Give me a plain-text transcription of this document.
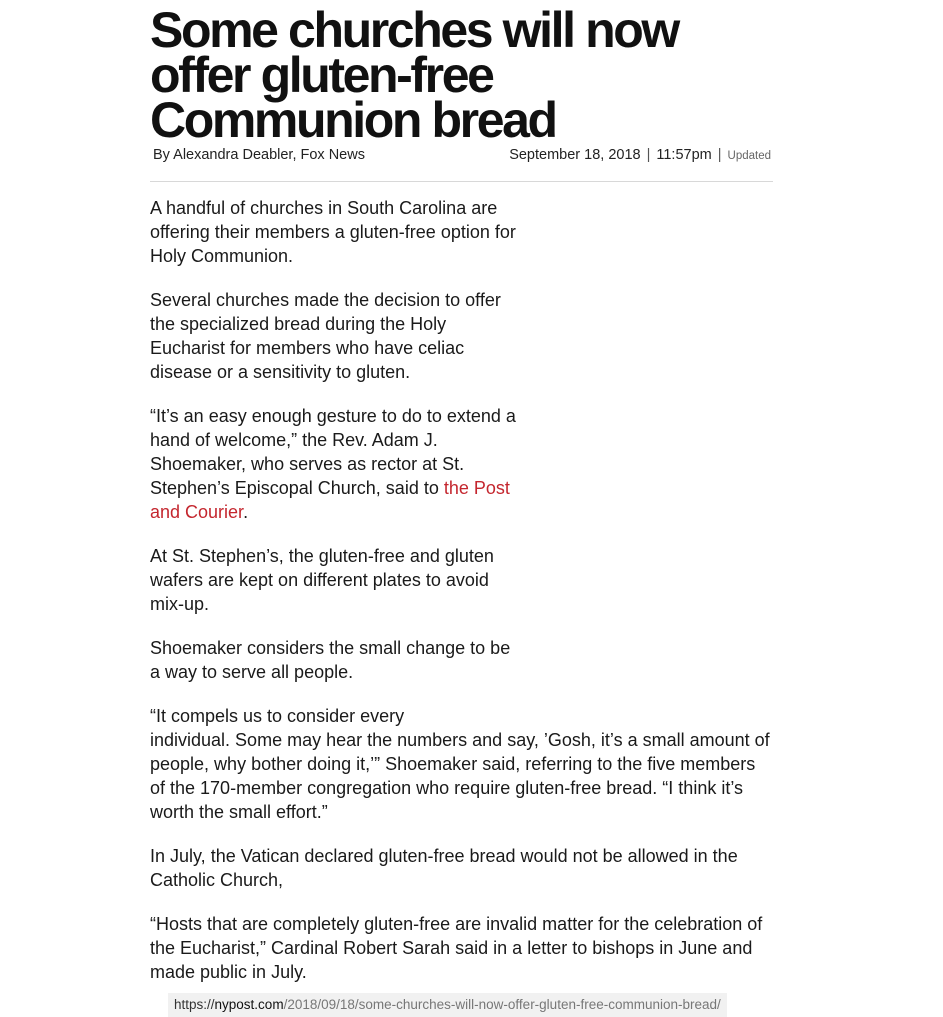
Some churches will now offer gluten-free Communion bread
By Alexandra Deabler, Fox News	September 18, 2018 | 11:57pm | Updated

A handful of churches in South Carolina are offering their members a gluten-free option for Holy Communion.

Several churches made the decision to offer the specialized bread during the Holy Eucharist for members who have celiac disease or a sensitivity to gluten.

“It’s an easy enough gesture to do to extend a hand of welcome,” the Rev. Adam J. Shoemaker, who serves as rector at St. Stephen’s Episcopal Church, said to the Post and Courier.

At St. Stephen’s, the gluten-free and gluten wafers are kept on different plates to avoid mix-up.

Shoemaker considers the small change to be a way to serve all people.

“It compels us to consider every
individual. Some may hear the numbers and say, ’Gosh, it’s a small amount of people, why bother doing it,’” Shoemaker said, referring to the five members of the 170-member congregation who require gluten-free bread. “I think it’s worth the small effort.”

In July, the Vatican declared gluten-free bread would not be allowed in the Catholic Church,

“Hosts that are completely gluten-free are invalid matter for the celebration of the Eucharist,” Cardinal Robert Sarah said in a letter to bishops in June and made public in July.

https://nypost.com/2018/09/18/some-churches-will-now-offer-gluten-free-communion-bread/
